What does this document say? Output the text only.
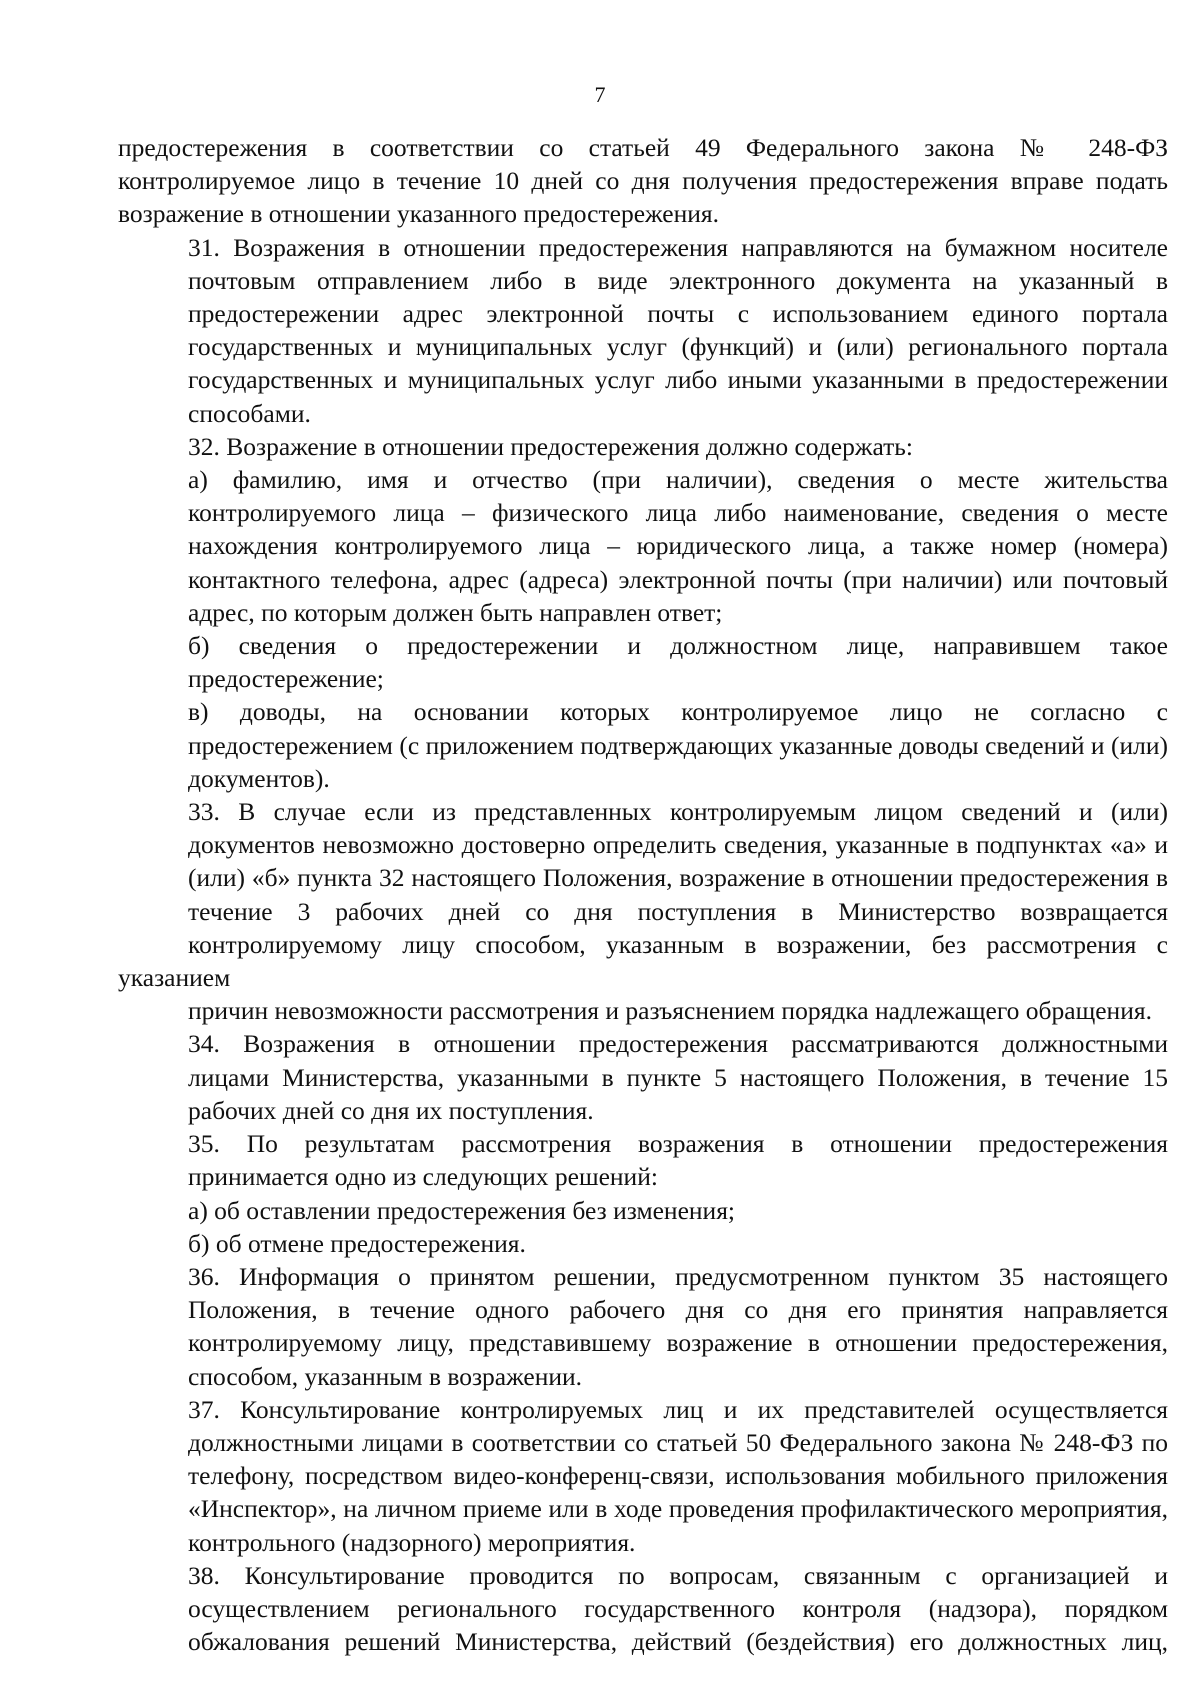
7

предостережения в соответствии со статьей 49 Федерального закона № 248-ФЗ
контролируемое лицо в течение 10 дней со дня получения предостережения вправе подать
возражение в отношении указанного предостережения.

31. Возражения в отношении предостережения направляются на бумажном носителе
почтовым отправлением либо в виде электронного документа на указанный в
предостережении адрес электронной почты с использованием единого портала
государственных и муниципальных услуг (функций) и (или) регионального портала
государственных и муниципальных услуг либо иными указанными в предостережении
способами.

32. Возражение в отношении предостережения должно содержать:

а) фамилию, имя и отчество (при наличии), сведения о месте жительства
контролируемого лица – физического лица либо наименование, сведения о месте
нахождения контролируемого лица – юридического лица, а также номер (номера)
контактного телефона, адрес (адреса) электронной почты (при наличии) или почтовый
адрес, по которым должен быть направлен ответ;

б) сведения о предостережении и должностном лице, направившем такое
предостережение;

в) доводы, на основании которых контролируемое лицо не согласно с
предостережением (с приложением подтверждающих указанные доводы сведений и (или)
документов).

33. В случае если из представленных контролируемым лицом сведений и (или)
документов невозможно достоверно определить сведения, указанные в подпунктах «а» и
(или) «б» пункта 32 настоящего Положения, возражение в отношении предостережения в
течение 3 рабочих дней со дня поступления в Министерство возвращается
контролируемому лицу способом, указанным в возражении, без рассмотрения с указанием
причин невозможности рассмотрения и разъяснением порядка надлежащего обращения.

34. Возражения в отношении предостережения рассматриваются должностными
лицами Министерства, указанными в пункте 5 настоящего Положения, в течение 15
рабочих дней со дня их поступления.

35. По результатам рассмотрения возражения в отношении предостережения
принимается одно из следующих решений:

а) об оставлении предостережения без изменения;

б) об отмене предостережения.

36. Информация о принятом решении, предусмотренном пунктом 35 настоящего
Положения, в течение одного рабочего дня со дня его принятия направляется
контролируемому лицу, представившему возражение в отношении предостережения,
способом, указанным в возражении.

37. Консультирование контролируемых лиц и их представителей осуществляется
должностными лицами в соответствии со статьей 50 Федерального закона № 248-ФЗ по
телефону, посредством видео-конференц-связи, использования мобильного приложения
«Инспектор», на личном приеме или в ходе проведения профилактического мероприятия,
контрольного (надзорного) мероприятия.

38. Консультирование проводится по вопросам, связанным с организацией и
осуществлением регионального государственного контроля (надзора), порядком
обжалования решений Министерства, действий (бездействия) его должностных лиц,
